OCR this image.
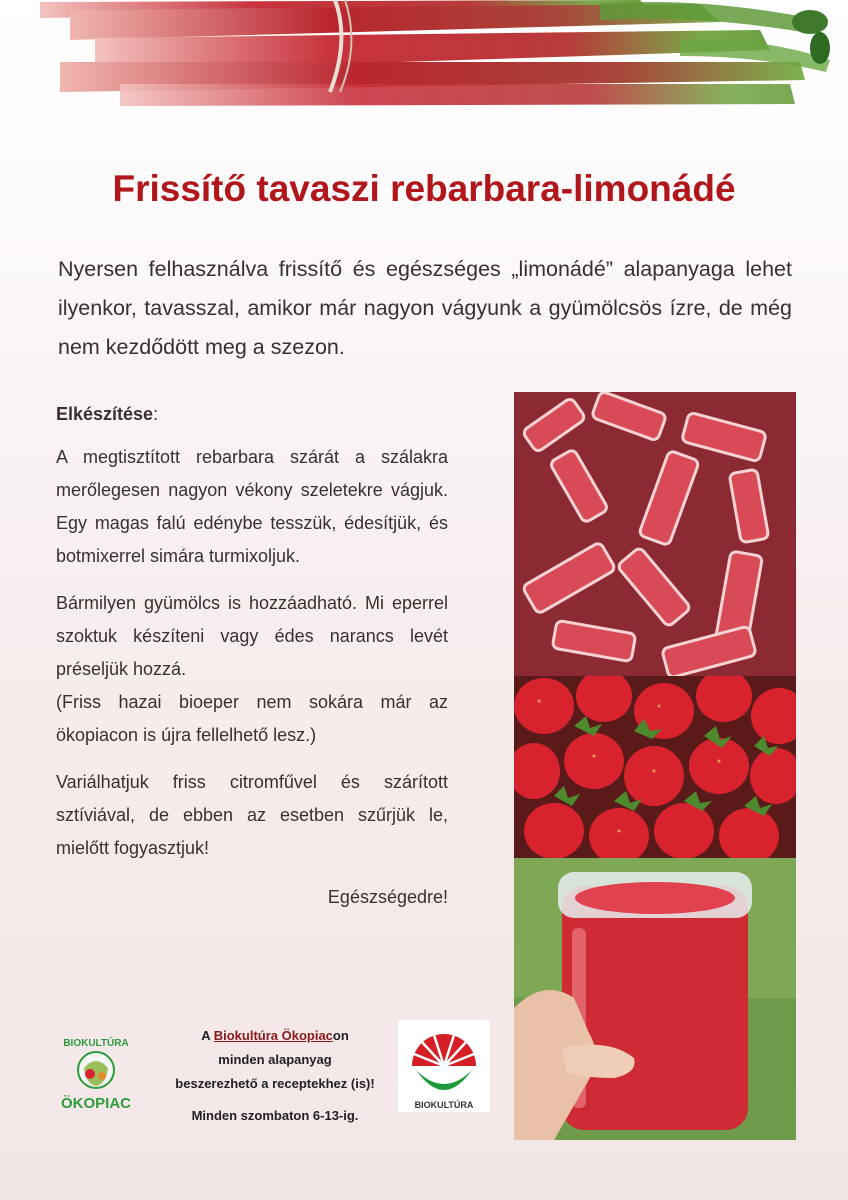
Frissítő tavaszi rebarbara-limonádé

Nyersen felhasználva frissítő és egészséges „limonádé” alapanyaga lehet ilyenkor, tavasszal, amikor már nagyon vágyunk a gyümölcsös ízre, de még nem kezdődött meg a szezon.

Elkészítése:

A megtisztított rebarbara szárát a szálakra merőlegesen nagyon vékony szeletekre vágjuk. Egy magas falú edénybe tesszük, édesítjük, és botmixerrel simára turmixoljuk.

Bármilyen gyümölcs is hozzáadható. Mi eperrel szoktuk készíteni vagy édes narancs levét préseljük hozzá.

(Friss hazai bioeper nem sokára már az ökopiacon is újra fellelhető lesz.)

Variálhatjuk friss citromfűvel és szárított sztíviával, de ebben az esetben szűrjük le, mielőtt fogyasztjuk!

Egészségedre!

BIOKULTÚRA
ÖKOPIAC
A Biokultúra Ökopiacon
minden alapanyag
beszerezhető a receptekhez (is)!
Minden szombaton 6-13-ig.
BIOKULTÚRA
